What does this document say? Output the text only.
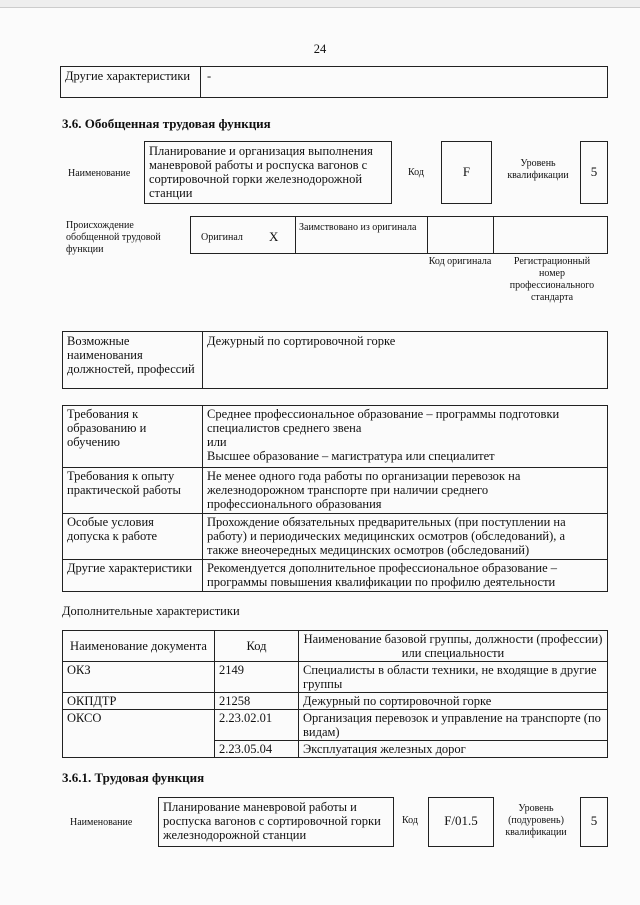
24
Другие характеристики	-
3.6. Обобщенная трудовая функция
Наименование
Планирование и организация выполнения маневровой работы и роспуска вагонов с сортировочной горки железнодорожной станции
Код	F
Уровень квалификации	5
Происхождение обобщенной трудовой функции
Оригинал X
Заимствовано из оригинала
Код оригинала	Регистрационный номер профессионального стандарта
Возможные наименования должностей, профессий
Дежурный по сортировочной горке
Требования к образованию и обучению	Среднее профессиональное образование – программы подготовки
специалистов среднего звена
или
Высшее образование – магистратура или специалитет

Требования к опыту практической работы	Не менее одного года работы по организации перевозок на
железнодорожном транспорте при наличии среднего
профессионального образования

Особые условия допуска к работе	Прохождение обязательных предварительных (при поступлении на
работу) и периодических медицинских осмотров (обследований), а
также внеочередных медицинских осмотров (обследований)

Другие характеристики	Рекомендуется дополнительное профессиональное образование –
программы повышения квалификации по профилю деятельности
Дополнительные характеристики
Наименование документа	Код	Наименование базовой группы, должности (профессии) или специальности
ОКЗ	2149	Специалисты в области техники, не входящие в другие группы
ОКПДТР	21258	Дежурный по сортировочной горке
ОКСО	2.23.02.01	Организация перевозок и управление на транспорте (по видам)
	2.23.05.04	Эксплуатация железных дорог
3.6.1. Трудовая функция
Наименование
Планирование маневровой работы и роспуска вагонов с сортировочной горки железнодорожной станции
Код	F/01.5
Уровень (подуровень) квалификации
5
